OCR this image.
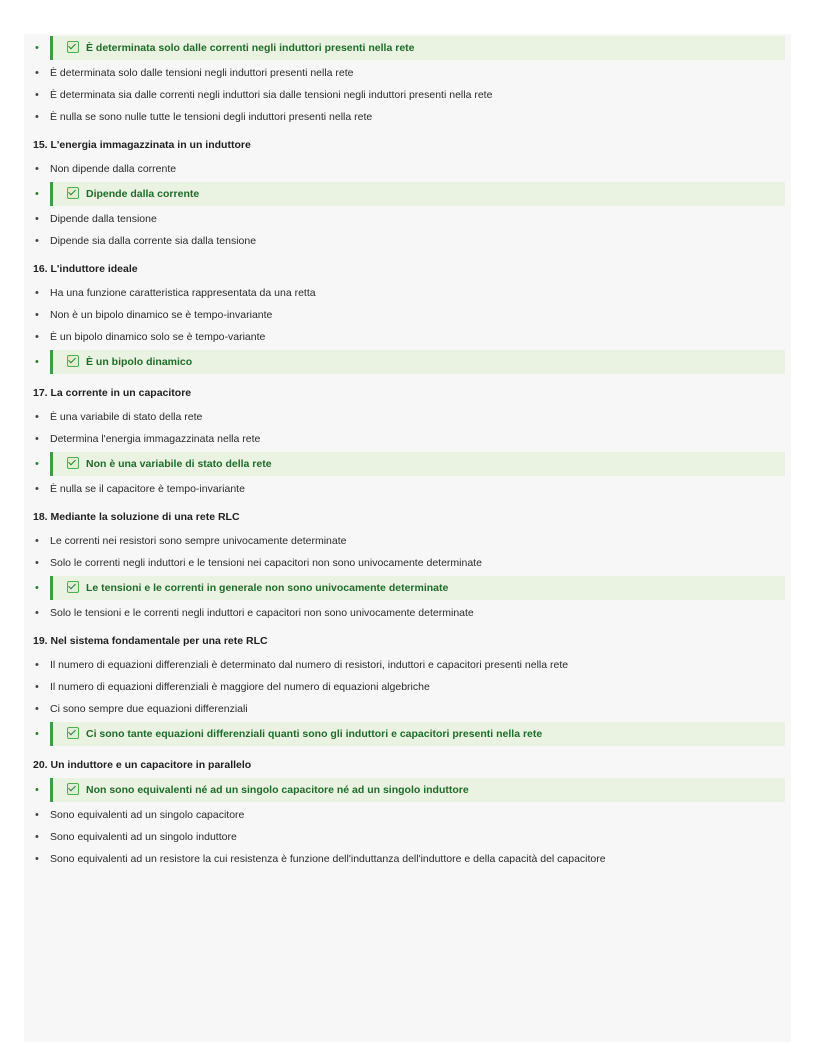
•	È determinata solo dalle correnti negli induttori presenti nella rete
• È determinata solo dalle tensioni negli induttori presenti nella rete
• È determinata sia dalle correnti negli induttori sia dalle tensioni negli induttori presenti nella rete
• È nulla se sono nulle tutte le tensioni degli induttori presenti nella rete
15. L'energia immagazzinata in un induttore
• Non dipende dalla corrente
•	Dipende dalla corrente
• Dipende dalla tensione
• Dipende sia dalla corrente sia dalla tensione
16. L'induttore ideale
• Ha una funzione caratteristica rappresentata da una retta
• Non è un bipolo dinamico se è tempo-invariante
• È un bipolo dinamico solo se è tempo-variante
•	È un bipolo dinamico
17. La corrente in un capacitore
• È una variabile di stato della rete
• Determina l'energia immagazzinata nella rete
•	Non è una variabile di stato della rete
• È nulla se il capacitore è tempo-invariante
18. Mediante la soluzione di una rete RLC
• Le correnti nei resistori sono sempre univocamente determinate
• Solo le correnti negli induttori e le tensioni nei capacitori non sono univocamente determinate
•	Le tensioni e le correnti in generale non sono univocamente determinate
• Solo le tensioni e le correnti negli induttori e capacitori non sono univocamente determinate
19. Nel sistema fondamentale per una rete RLC
• Il numero di equazioni differenziali è determinato dal numero di resistori, induttori e capacitori presenti nella rete
• Il numero di equazioni differenziali è maggiore del numero di equazioni algebriche
• Ci sono sempre due equazioni differenziali
•	Ci sono tante equazioni differenziali quanti sono gli induttori e capacitori presenti nella rete
20. Un induttore e un capacitore in parallelo
•	Non sono equivalenti né ad un singolo capacitore né ad un singolo induttore
• Sono equivalenti ad un singolo capacitore
• Sono equivalenti ad un singolo induttore
• Sono equivalenti ad un resistore la cui resistenza è funzione dell'induttanza dell'induttore e della capacità del capacitore
